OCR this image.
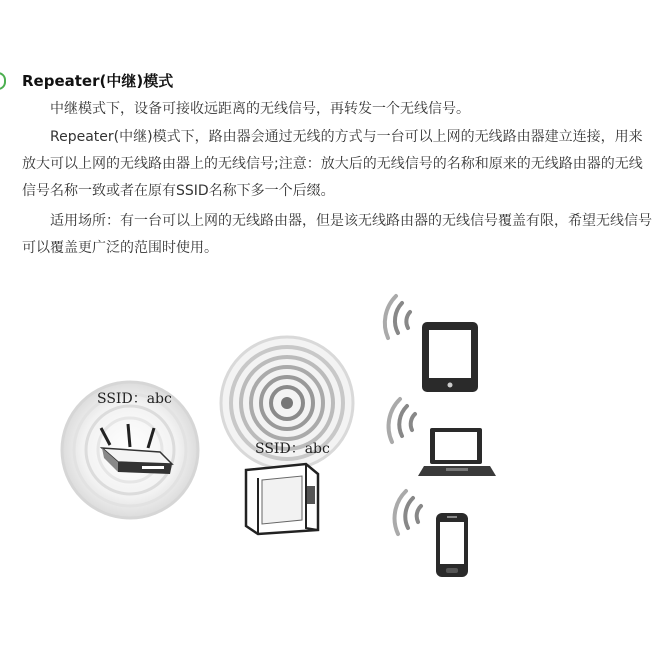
Repeater(中继)模式
中继模式下，设备可接收远距离的无线信号，再转发一个无线信号。
Repeater(中继)模式下，路由器会通过无线的方式与一台可以上网的无线路由器建立连接，用来放大可以上网的无线路由器上的无线信号;注意：放大后的无线信号的名称和原来的无线路由器的无线信号名称一致或者在原有SSID名称下多一个后缀。
适用场所：有一台可以上网的无线路由器，但是该无线路由器的无线信号覆盖有限，希望无线信号可以覆盖更广泛的范围时使用。
SSID：abc
SSID：abc
